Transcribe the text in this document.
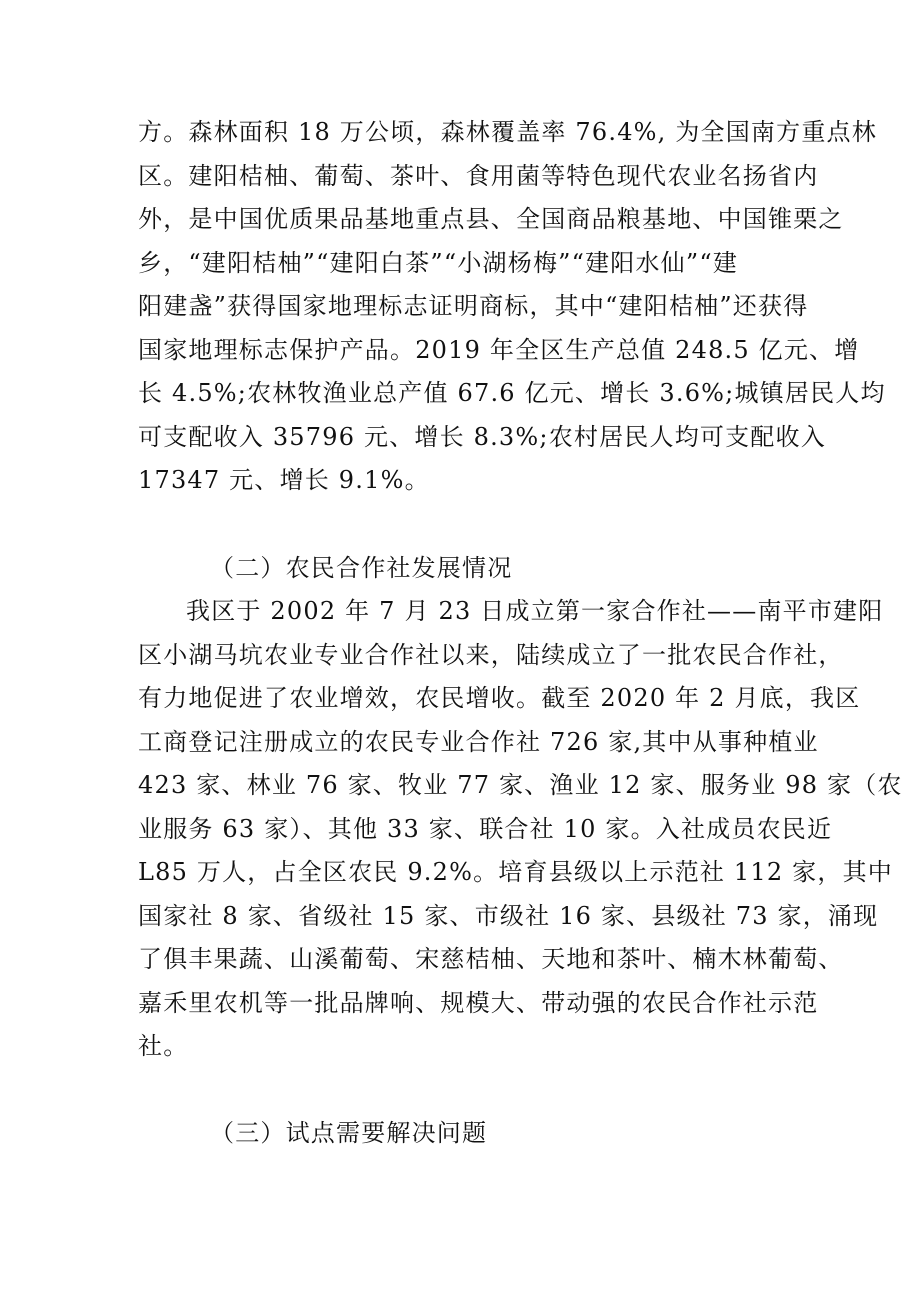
方。森林面积 18 万公顷，森林覆盖率 76.4%, 为全国南方重点林
区。建阳桔柚、葡萄、茶叶、食用菌等特色现代农业名扬省内
外，是中国优质果品基地重点县、全国商品粮基地、中国锥栗之
乡，“建阳桔柚”“建阳白茶”“小湖杨梅”“建阳水仙”“建
阳建盏”获得国家地理标志证明商标，其中“建阳桔柚”还获得
国家地理标志保护产品。2019 年全区生产总值 248.5 亿元、增
长 4.5%;农林牧渔业总产值 67.6 亿元、增长 3.6%;城镇居民人均
可支配收入 35796 元、增长 8.3%;农村居民人均可支配收入
17347 元、增长 9.1%。
（二）农民合作社发展情况
我区于 2002 年 7 月 23 日成立第一家合作社——南平市建阳
区小湖马坑农业专业合作社以来，陆续成立了一批农民合作社，
有力地促进了农业增效，农民增收。截至 2020 年 2 月底，我区
工商登记注册成立的农民专业合作社 726 家,其中从事种植业
423 家、林业 76 家、牧业 77 家、渔业 12 家、服务业 98 家（农
业服务 63 家）、其他 33 家、联合社 10 家。入社成员农民近
L85 万人，占全区农民 9.2%。培育县级以上示范社 112 家，其中
国家社 8 家、省级社 15 家、市级社 16 家、县级社 73 家，涌现
了俱丰果蔬、山溪葡萄、宋慈桔柚、天地和茶叶、楠木林葡萄、
嘉禾里农机等一批品牌响、规模大、带动强的农民合作社示范
社。
（三）试点需要解决问题
